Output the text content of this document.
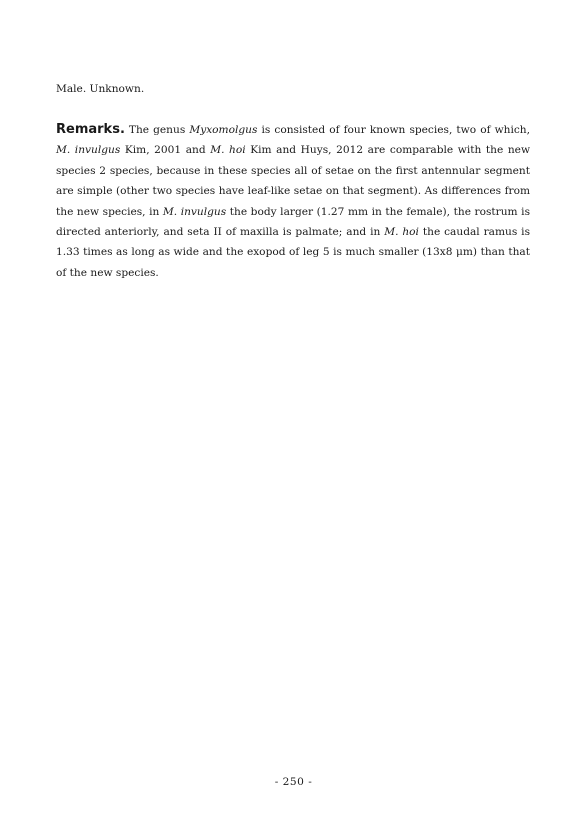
Male. Unknown.

Remarks. The genus Myxomolgus is consisted of four known species, two of which, M. invulgus Kim, 2001 and M. hoi Kim and Huys, 2012 are comparable with the new species 2 species, because in these species all of setae on the first antennular segment are simple (other two species have leaf-like setae on that segment). As differences from the new species, in M. invulgus the body larger (1.27 mm in the female), the rostrum is directed anteriorly, and seta II of maxilla is palmate; and in M. hoi the caudal ramus is 1.33 times as long as wide and the exopod of leg 5 is much smaller (13x8 μm) than that of the new species.

- 250 -
